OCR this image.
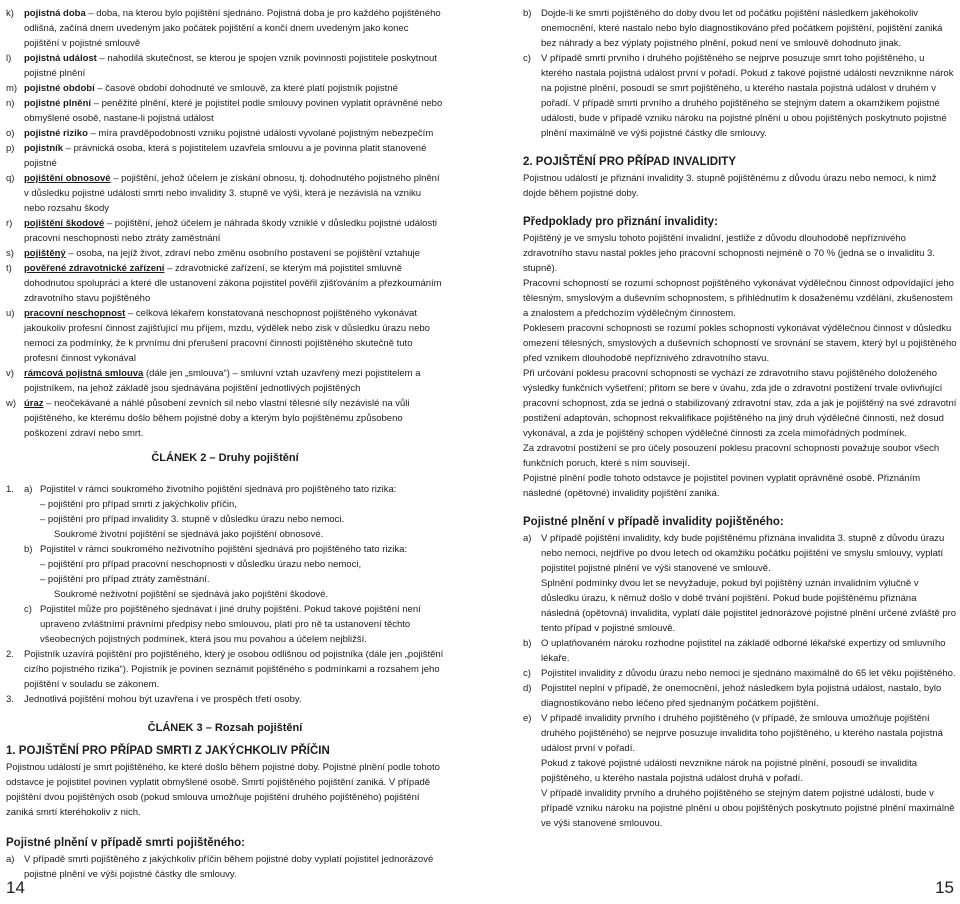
k)	pojistná doba – doba, na kterou bylo pojištění sjednáno. Pojistná doba je pro každého pojištěného odlišná, začíná dnem uvedeným jako počátek pojištění a končí dnem uvedeným jako konec pojištění v pojistné smlouvě
l)	pojistná událost – nahodilá skutečnost, se kterou je spojen vznik povinnosti pojistitele poskytnout pojistné plnění
m) pojistné období – časové období dohodnuté ve smlouvě, za které platí pojistník pojistné
n)	pojistné plnění – peněžité plnění, které je pojistitel podle smlouvy povinen vyplatit oprávněné nebo obmyšlené osobě, nastane-li pojistná událost
o)	pojistné riziko – míra pravděpodobnosti vzniku pojistné události vyvolané pojistným nebezpečím
p)	pojistník – právnická osoba, která s pojistitelem uzavřela smlouvu a je povinna platit stanovené pojistné
q)	pojištění obnosové – pojištění, jehož účelem je získání obnosu, tj. dohodnutého pojistného plnění v důsledku pojistné události smrti nebo invalidity 3. stupně ve výši, která je nezávislá na vzniku nebo rozsahu škody
r)	pojištění škodové – pojištění, jehož účelem je náhrada škody vzniklé v důsledku pojistné události pracovní neschopnosti nebo ztráty zaměstnání
s)	pojištěný – osoba, na jejíž život, zdraví nebo změnu osobního postavení se pojištění vztahuje
t)	pověřené zdravotnické zařízení – zdravotnické zařízení, se kterým má pojistitel smluvně dohodnutou spolupráci a které dle ustanovení zákona pojistitel pověřil zjišťováním a přezkoumáním zdravotního stavu pojištěného
u)	pracovní neschopnost – celková lékařem konstatovaná neschopnost pojištěného vykonávat jakoukoliv profesní činnost zajišťující mu příjem, mzdu, výdělek nebo zisk v důsledku úrazu nebo nemoci za podmínky, že k prvnímu dni přerušení pracovní činnosti pojištěného skutečně tuto profesní činnost vykonával
v)	rámcová pojistná smlouva (dále jen „smlouva“) – smluvní vztah uzavřený mezi pojistitelem a pojistníkem, na jehož základě jsou sjednávána pojištění jednotlivých pojištěných
w) úraz – neočekávané a náhlé působení zevních sil nebo vlastní tělesné síly nezávislé na vůli pojištěného, ke kterému došlo během pojistné doby a kterým bylo pojištěnému způsobeno poškození zdraví nebo smrt.

ČLÁNEK 2 – Druhy pojištění

1.	a) Pojistitel v rámci soukromého životního pojištění sjednává pro pojištěného tato rizika:

– pojištění pro případ smrti z jakýchkoliv příčin,

– pojištění pro případ invalidity 3. stupně v důsledku úrazu nebo nemoci.

Soukromé životní pojištění se sjednává jako pojištění obnosové.

b) Pojistitel v rámci soukromého neživotního pojištění sjednává pro pojištěného tato rizika:

– pojištění pro případ pracovní neschopnosti v důsledku úrazu nebo nemoci,

– pojištění pro případ ztráty zaměstnání.

Soukromé neživotní pojištění se sjednává jako pojištění škodové.

c) Pojistitel může pro pojištěného sjednávat i jiné druhy pojištění. Pokud takové pojištění není upraveno zvláštními právními předpisy nebo smlouvou, platí pro ně ta ustanovení těchto všeobecných pojistných podmínek, která jsou mu povahou a účelem nejbližší.
2.	Pojistník uzavírá pojištění pro pojištěného, který je osobou odlišnou od pojistníka (dále jen „pojištění cizího pojistného rizika“). Pojistník je povinen seznámit pojištěného s podmínkami a rozsahem jeho pojištění v souladu se zákonem.
3.	Jednotlivá pojištění mohou být uzavřena i ve prospěch třetí osoby.

ČLÁNEK 3 – Rozsah pojištění

1. POJIŠTĚNÍ PRO PŘÍPAD SMRTI Z JAKÝCHKOLIV PŘÍČIN

Pojistnou událostí je smrt pojištěného, ke které došlo během pojistné doby. Pojistné plnění podle tohoto odstavce je pojistitel povinen vyplatit obmyšlené osobě. Smrtí pojištěného pojištění zaniká. V případě pojištění dvou pojištěných osob (pokud smlouva umožňuje pojištění druhého pojištěného) pojištění zaniká smrtí kteréhokoliv z nich.

Pojistné plnění v případě smrti pojištěného:

a)	V případě smrti pojištěného z jakýchkoliv příčin během pojistné doby vyplatí pojistitel jednorázové pojistné plnění ve výši pojistné částky dle smlouvy.
b)	Dojde-li ke smrti pojištěného do doby dvou let od počátku pojištění následkem jakéhokoliv onemocnění, které nastalo nebo bylo diagnostikováno před počátkem pojištění, pojištění zaniká bez náhrady a bez výplaty pojistného plnění, pokud není ve smlouvě dohodnuto jinak.
c)	V případě smrti prvního i druhého pojištěného se nejprve posuzuje smrt toho pojištěného, u kterého nastala pojistná událost první v pořadí. Pokud z takové pojistné události nevzniknne nárok na pojistné plnění, posoudí se smrt pojištěného, u kterého nastala pojistná událost v druhém v pořadí. V případě smrti prvního a druhého pojištěného se stejným datem a okamžikem pojistné události, bude v případě vzniku nároku na pojistné plnění u obou pojištěných poskytnuto pojistné plnění maximálně ve výši pojistné částky dle smlouvy.

2. POJIŠTĚNÍ PRO PŘÍPAD INVALIDITY

Pojistnou událostí je přiznání invalidity 3. stupně pojištěnému z důvodu úrazu nebo nemoci, k nimž dojde během pojistné doby.

Předpoklady pro přiznání invalidity:

Pojištěný je ve smyslu tohoto pojištění invalidní, jestliže z důvodu dlouhodobě nepříznivého zdravotního stavu nastal pokles jeho pracovní schopnosti nejméně o 70 % (jedná se o invaliditu 3. stupně).

Pracovní schopností se rozumí schopnost pojištěného vykonávat výdělečnou činnost odpovídající jeho tělesným, smyslovým a duševním schopnostem, s přihlédnutím k dosaženému vzdělání, zkušenostem a znalostem a předchozím výdělečným činnostem.

Poklesem pracovní schopnosti se rozumí pokles schopnosti vykonávat výdělečnou činnost v důsledku omezení tělesných, smyslových a duševních schopností ve srovnání se stavem, který byl u pojištěného před vznikem dlouhodobě nepříznivého zdravotního stavu.

Při určování poklesu pracovní schopnosti se vychází ze zdravotního stavu pojištěného doloženého výsledky funkčních vyšetření; přitom se bere v úvahu, zda jde o zdravotní postižení trvale ovlivňující pracovní schopnost, zda se jedná o stabilizovaný zdravotní stav, zda a jak je pojištěný na své zdravotní postižení adaptován, schopnost rekvalifikace pojištěného na jiný druh výdělečné činnosti, než dosud vykonával, a zda je pojištěný schopen výdělečné činnosti za zcela mimořádných podmínek.

Za zdravotní postižení se pro účely posouzení poklesu pracovní schopnosti považuje soubor všech funkčních poruch, které s ním souvisejí.

Pojistné plnění podle tohoto odstavce je pojistitel povinen vyplatit oprávněné osobě. Přiznáním následné (opětovné) invalidity pojištění zaniká.

Pojistné plnění v případě invalidity pojištěného:

a)	V případě pojištění invalidity, kdy bude pojištěnému přiznána invalidita 3. stupně z důvodu úrazu nebo nemoci, nejdříve po dvou letech od okamžiku počátku pojištění ve smyslu smlouvy, vyplatí pojistitel pojistné plnění ve výši stanovené ve smlouvě.
Splnění podmínky dvou let se nevyžaduje, pokud byl pojištěný uznán invalidním výlučně v důsledku úrazu, k němuž došlo v době trvání pojištění. Pokud bude pojištěnému přiznána následná (opětovná) invalidita, vyplatí dále pojistitel jednorázové pojistné plnění určené zvláště pro tento případ v pojistné smlouvě.
b)	O uplatňovaném nároku rozhodne pojistitel na základě odborné lékařské expertizy od smluvního lékaře.
c)	Pojistitel invalidity z důvodu úrazu nebo nemoci je sjednáno maximálně do 65 let věku pojištěného.
d)	Pojistitel neplní v případě, že onemocnění, jehož následkem byla pojistná událost, nastalo, bylo diagnostikováno nebo léčeno před sjednaným počátkem pojištění.
e)	V případě invalidity prvního i druhého pojištěného (v případě, že smlouva umožňuje pojištění druhého pojištěného) se nejprve posuzuje invalidita toho pojištěného, u kterého nastala pojistná událost první v pořadí.
Pokud z takové pojistné události nevznikne nárok na pojistné plnění, posoudí se invalidita pojištěného, u kterého nastala pojistná událost druhá v pořadí.
V případě invalidity prvního a druhého pojištěného se stejným datem pojistné události, bude v případě vzniku nároku na pojistné plnění u obou pojištěných poskytnuto pojistné plnění maximálně ve výši stanovené smlouvou.
14	15
